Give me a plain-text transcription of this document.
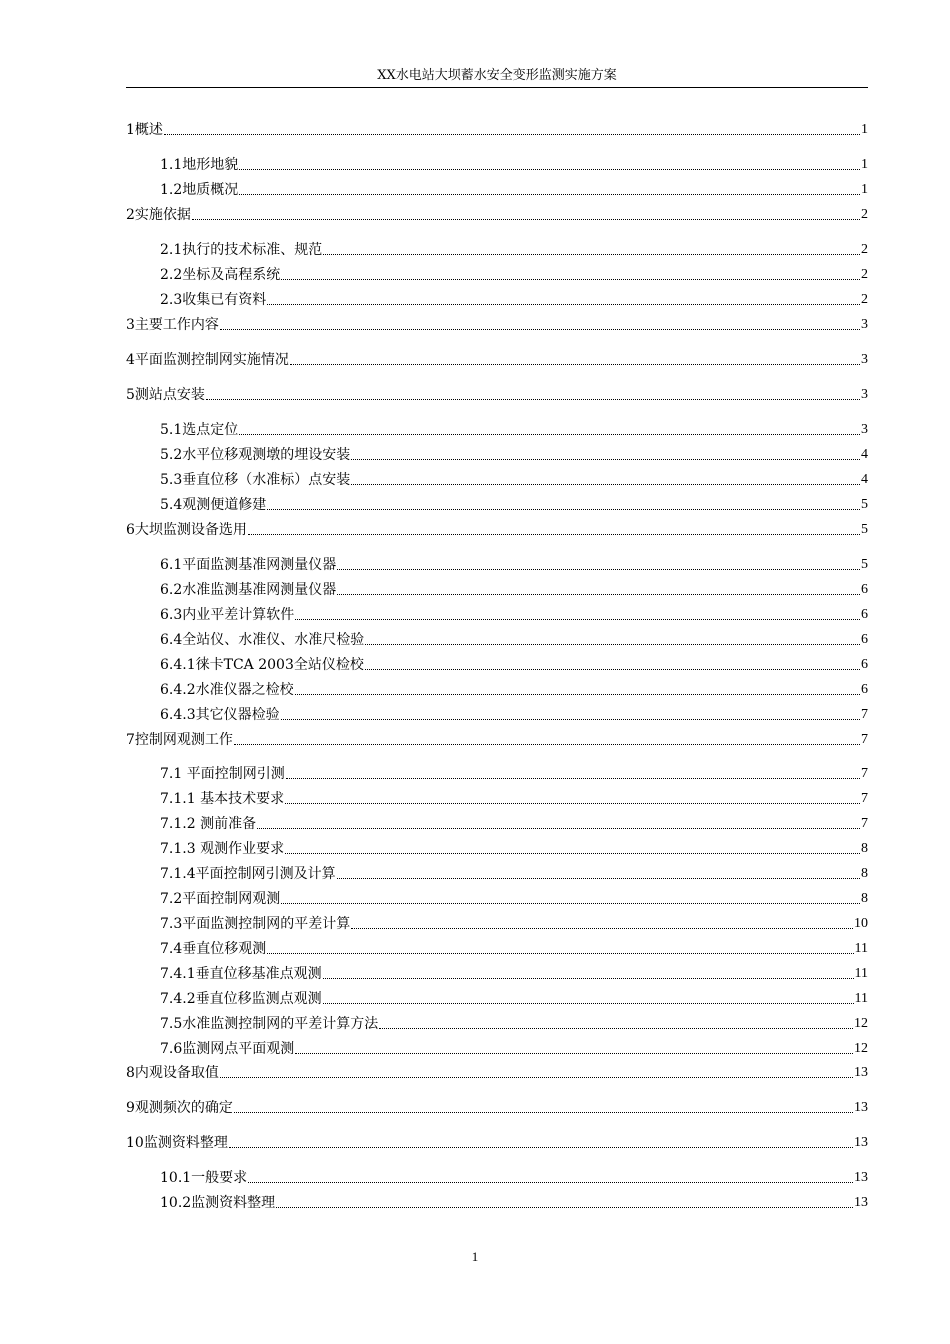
XX水电站大坝蓄水安全变形监测实施方案
1概述	1
1.1地形地貌	1
1.2地质概况	1
2实施依据	2
2.1执行的技术标准、规范	2
2.2坐标及高程系统	2
2.3收集已有资料	2
3主要工作内容	3
4平面监测控制网实施情况	3
5测站点安装	3
5.1选点定位	3
5.2水平位移观测墩的埋设安装	4
5.3垂直位移（水准标）点安装	4
5.4观测便道修建	5
6大坝监测设备选用	5
6.1平面监测基准网测量仪器	5
6.2水准监测基准网测量仪器	6
6.3内业平差计算软件	6
6.4全站仪、水准仪、水准尺检验	6
6.4.1徕卡TCA 2003全站仪检校	6
6.4.2水准仪器之检校	6
6.4.3其它仪器检验	7
7控制网观测工作	7
7.1 平面控制网引测	7
7.1.1 基本技术要求	7
7.1.2 测前准备	7
7.1.3 观测作业要求	8
7.1.4平面控制网引测及计算	8
7.2平面控制网观测	8
7.3平面监测控制网的平差计算	10
7.4垂直位移观测	11
7.4.1垂直位移基准点观测	11
7.4.2垂直位移监测点观测	11
7.5水准监测控制网的平差计算方法	12
7.6监测网点平面观测	12
8内观设备取值	13
9观测频次的确定	13
10监测资料整理	13
10.1一般要求	13
10.2监测资料整理	13
1
